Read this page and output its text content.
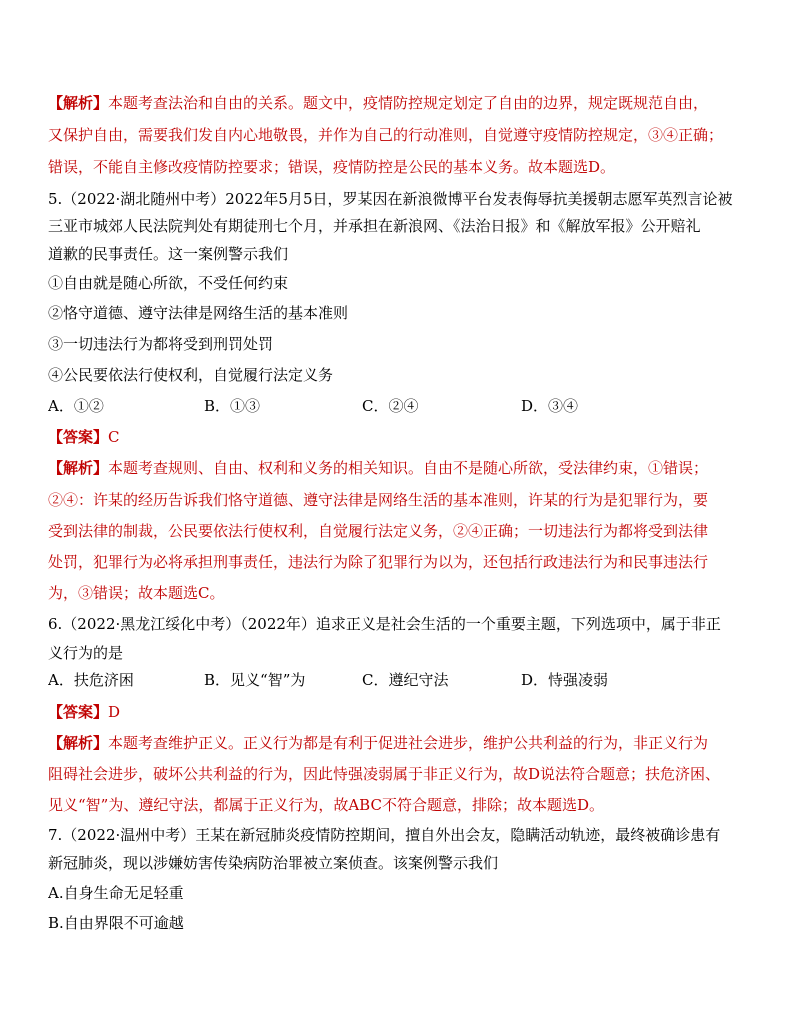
【解析】本题考查法治和自由的关系。题文中，疫情防控规定划定了自由的边界，规定既规范自由，
又保护自由，需要我们发自内心地敬畏，并作为自己的行动准则，自觉遵守疫情防控规定，③④正确；
错误，不能自主修改疫情防控要求；错误，疫情防控是公民的基本义务。故本题选D。
5.（2022·湖北随州中考）2022年5月5日，罗某因在新浪微博平台发表侮辱抗美援朝志愿军英烈言论被
三亚市城郊人民法院判处有期徒刑七个月，并承担在新浪网、《法治日报》和《解放军报》公开赔礼
道歉的民事责任。这一案例警示我们
①自由就是随心所欲，不受任何约束
②恪守道德、遵守法律是网络生活的基本准则
③一切违法行为都将受到刑罚处罚
④公民要依法行使权利，自觉履行法定义务
A．①②	B．①③	C．②④	D．③④
【答案】C
【解析】本题考查规则、自由、权利和义务的相关知识。自由不是随心所欲，受法律约束，①错误；
②④：许某的经历告诉我们恪守道德、遵守法律是网络生活的基本准则，许某的行为是犯罪行为，要
受到法律的制裁，公民要依法行使权利，自觉履行法定义务，②④正确；一切违法行为都将受到法律
处罚，犯罪行为必将承担刑事责任，违法行为除了犯罪行为以为，还包括行政违法行为和民事违法行
为，③错误；故本题选C。
6.（2022·黑龙江绥化中考）（2022年）追求正义是社会生活的一个重要主题，下列选项中，属于非正
义行为的是
A．扶危济困	B．见义“智”为	C．遵纪守法	D．恃强凌弱
【答案】D
【解析】本题考查维护正义。正义行为都是有利于促进社会进步，维护公共利益的行为，非正义行为
阻碍社会进步，破坏公共利益的行为，因此恃强凌弱属于非正义行为，故D说法符合题意；扶危济困、
见义“智”为、遵纪守法，都属于正义行为，故ABC不符合题意，排除；故本题选D。
7.（2022·温州中考）王某在新冠肺炎疫情防控期间，擅自外出会友，隐瞒活动轨迹，最终被确诊患有
新冠肺炎，现以涉嫌妨害传染病防治罪被立案侦查。该案例警示我们
A.自身生命无足轻重
B.自由界限不可逾越
